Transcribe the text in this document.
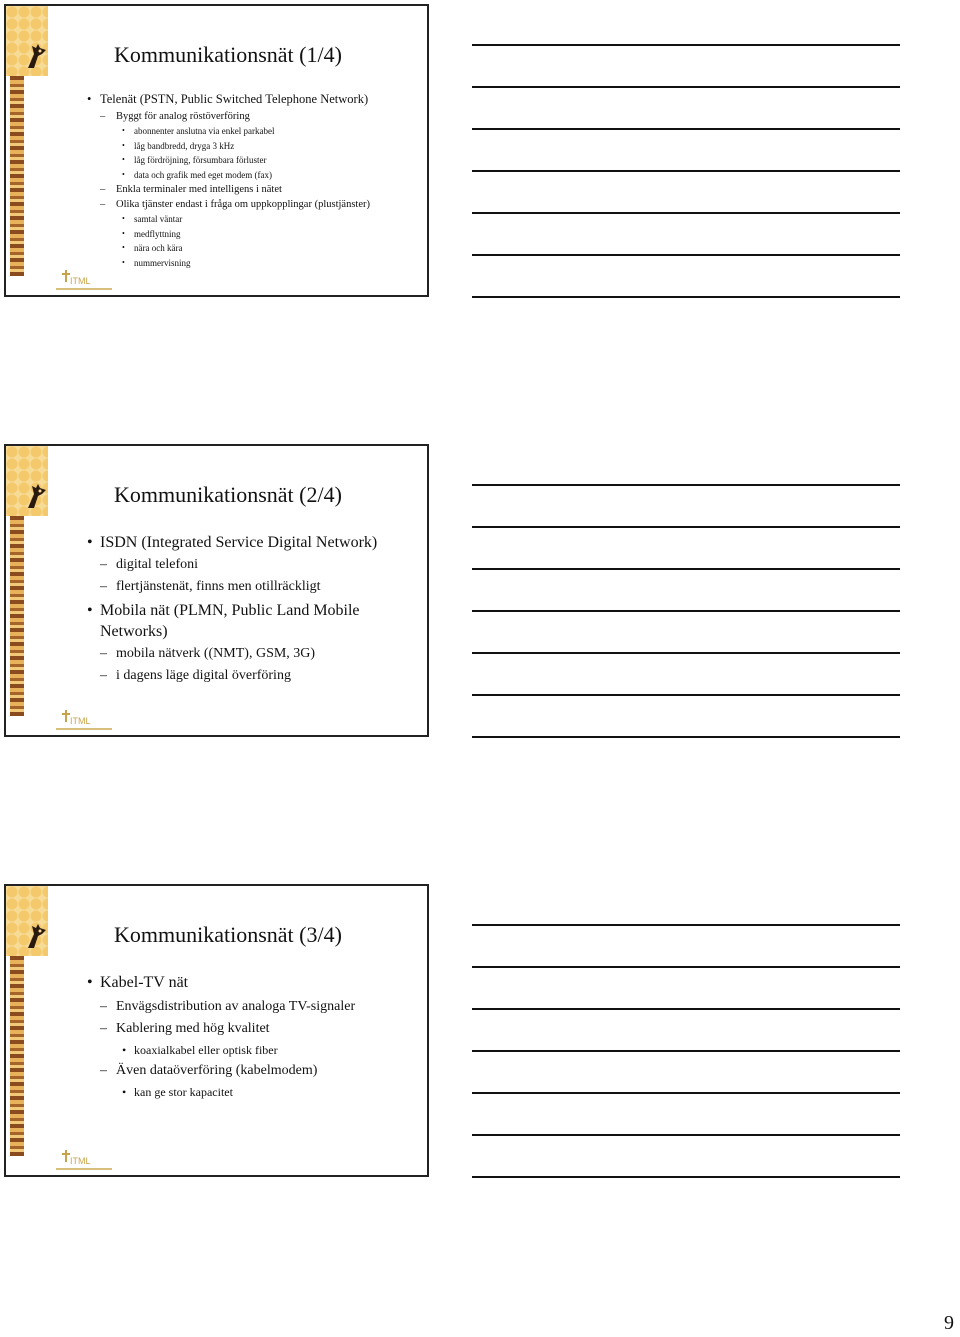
ITML
Kommunikationsnät (1/4)
• Telenät (PSTN, Public Switched Telephone Network)
– Byggt för analog röstöverföring
• abonnenter anslutna via enkel parkabel
• låg bandbredd, dryga 3 kHz
• låg fördröjning, försumbara förluster
• data och grafik med eget modem (fax)
– Enkla terminaler med intelligens i nätet
– Olika tjänster endast i fråga om uppkopplingar (plustjänster)
• samtal väntar
• medflyttning
• nära och kära
• nummervisning
ITML
Kommunikationsnät (2/4)
• ISDN (Integrated Service Digital Network)
– digital telefoni
– flertjänstenät, finns men otillräckligt
• Mobila nät (PLMN, Public Land Mobile Networks)
– mobila nätverk ((NMT), GSM, 3G)
– i dagens läge digital överföring
ITML
Kommunikationsnät (3/4)
• Kabel-TV nät
– Envägsdistribution av analoga TV-signaler
– Kablering med hög kvalitet
• koaxialkabel eller optisk fiber
– Även dataöverföring (kabelmodem)
• kan ge stor kapacitet
9
